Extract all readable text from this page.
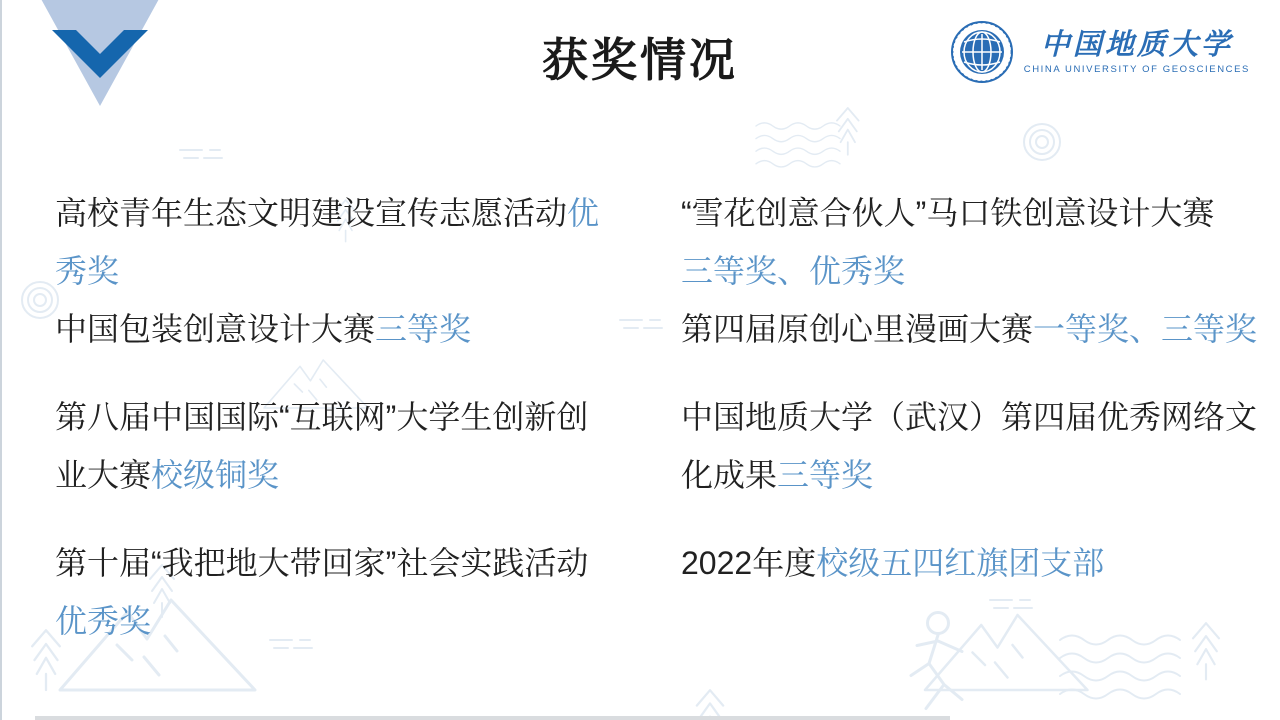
获奖情况	中国地质大学
CHINA UNIVERSITY OF GEOSCIENCES
高校青年生态文明建设宣传志愿活动优
秀奖
中国包装创意设计大赛三等奖
第八届中国国际“互联网”大学生创新创
业大赛校级铜奖
第十届“我把地大带回家”社会实践活动
优秀奖
“雪花创意合伙人”马口铁创意设计大赛
三等奖、优秀奖
第四届原创心里漫画大赛一等奖、三等奖
中国地质大学（武汉）第四届优秀网络文
化成果三等奖
2022年度校级五四红旗团支部
